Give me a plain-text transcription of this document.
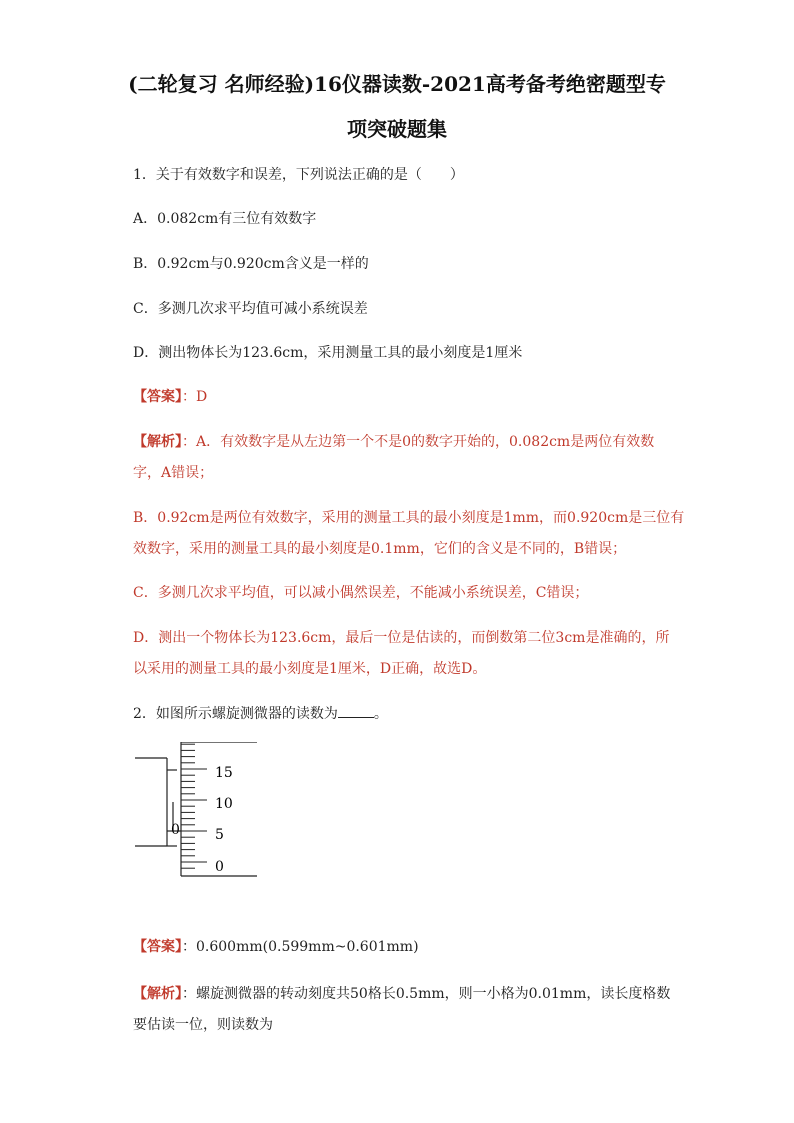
(二轮复习 名师经验)16仪器读数-2021高考备考绝密题型专
项突破题集
1．关于有效数字和误差，下列说法正确的是（　　）
A．0.082cm有三位有效数字
B．0.92cm与0.920cm含义是一样的
C．多测几次求平均值可减小系统误差
D．测出物体长为123.6cm，采用测量工具的最小刻度是1厘米
【答案】：D
【解析】：A．有效数字是从左边第一个不是0的数字开始的，0.082cm是两位有效数
字，A错误；
B．0.92cm是两位有效数字，采用的测量工具的最小刻度是1mm，而0.920cm是三位有
效数字，采用的测量工具的最小刻度是0.1mm，它们的含义是不同的，B错误；
C．多测几次求平均值，可以减小偶然误差，不能减小系统误差，C错误；
D．测出一个物体长为123.6cm，最后一位是估读的，而倒数第二位3cm是准确的，所
以采用的测量工具的最小刻度是1厘米，D正确，故选D。
2．如图所示螺旋测微器的读数为	。
0
15
10
5
0
【答案】：0.600mm(0.599mm~0.601mm)
【解析】：螺旋测微器的转动刻度共50格长0.5mm，则一小格为0.01mm，读长度格数
要估读一位，则读数为
